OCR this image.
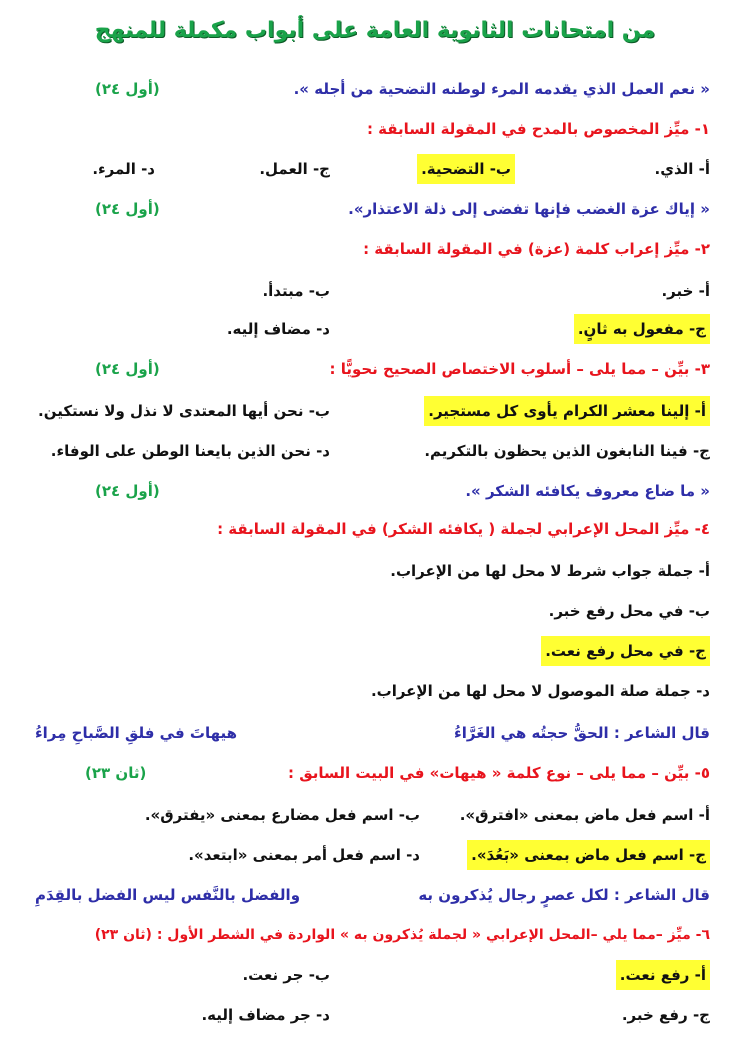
من امتحانات الثانوية العامة على أبواب مكملة للمنهج
« نعم العمل الذي يقدمه المرء لوطنه التضحية من أجله ».
(أول ٢٤)
١- ميِّز المخصوص بالمدح في المقولة السابقة :
أ- الذي.
ب- التضحية.
ج- العمل.
د- المرء.
« إياك عزة الغضب فإنها تفضى إلى ذلة الاعتذار».
(أول ٢٤)
٢- ميِّز إعراب كلمة (عزة) في المقولة السابقة :
أ- خبر.
ب- مبتدأ.
ج- مفعول به ثانٍ.
د- مضاف إليه.
٣- بيِّن – مما يلى – أسلوب الاختصاص الصحيح نحويًّا :
(أول ٢٤)
أ- إلينا معشر الكرام يأوى كل مستجير.
ب- نحن أيها المعتدى لا نذل ولا نستكين.
ج- فينا النابغون الذين يحظون بالتكريم.
د- نحن الذين بايعنا الوطن على الوفاء.
« ما ضاع معروف يكافئه الشكر ».
(أول ٢٤)
٤- ميِّز المحل الإعرابي لجملة ( يكافئه الشكر) في المقولة السابقة :
أ- جملة جواب شرط لا محل لها من الإعراب.
ب- في محل رفع خبر.
ج- في محل رفع نعت.
د- جملة صلة الموصول لا محل لها من الإعراب.
قال الشاعر : الحقُّ حجتُه هي الغَرَّاءُ
هيهاتَ في فلقِ الصَّباحِ مِراءُ
٥- بيِّن – مما يلى – نوع كلمة « هيهات» في البيت السابق :
(ثان ٢٣)
أ- اسم فعل ماض بمعنى «افترق».
ب- اسم فعل مضارع بمعنى «يفترق».
ج- اسم فعل ماض بمعنى «بَعُدَ».
د- اسم فعل أمر بمعنى «ابتعد».
قال الشاعر : لكل عصرٍ رجال يُذكرون به
والفضل بالنَّفس ليس الفضل بالقِدَمِ
٦- ميِّز –مما يلي –المحل الإعرابي « لجملة يُذكرون به » الواردة في الشطر الأول : (ثان ٢٣)
أ- رفع نعت.
ب- جر نعت.
ج- رفع خبر.
د- جر مضاف إليه.
